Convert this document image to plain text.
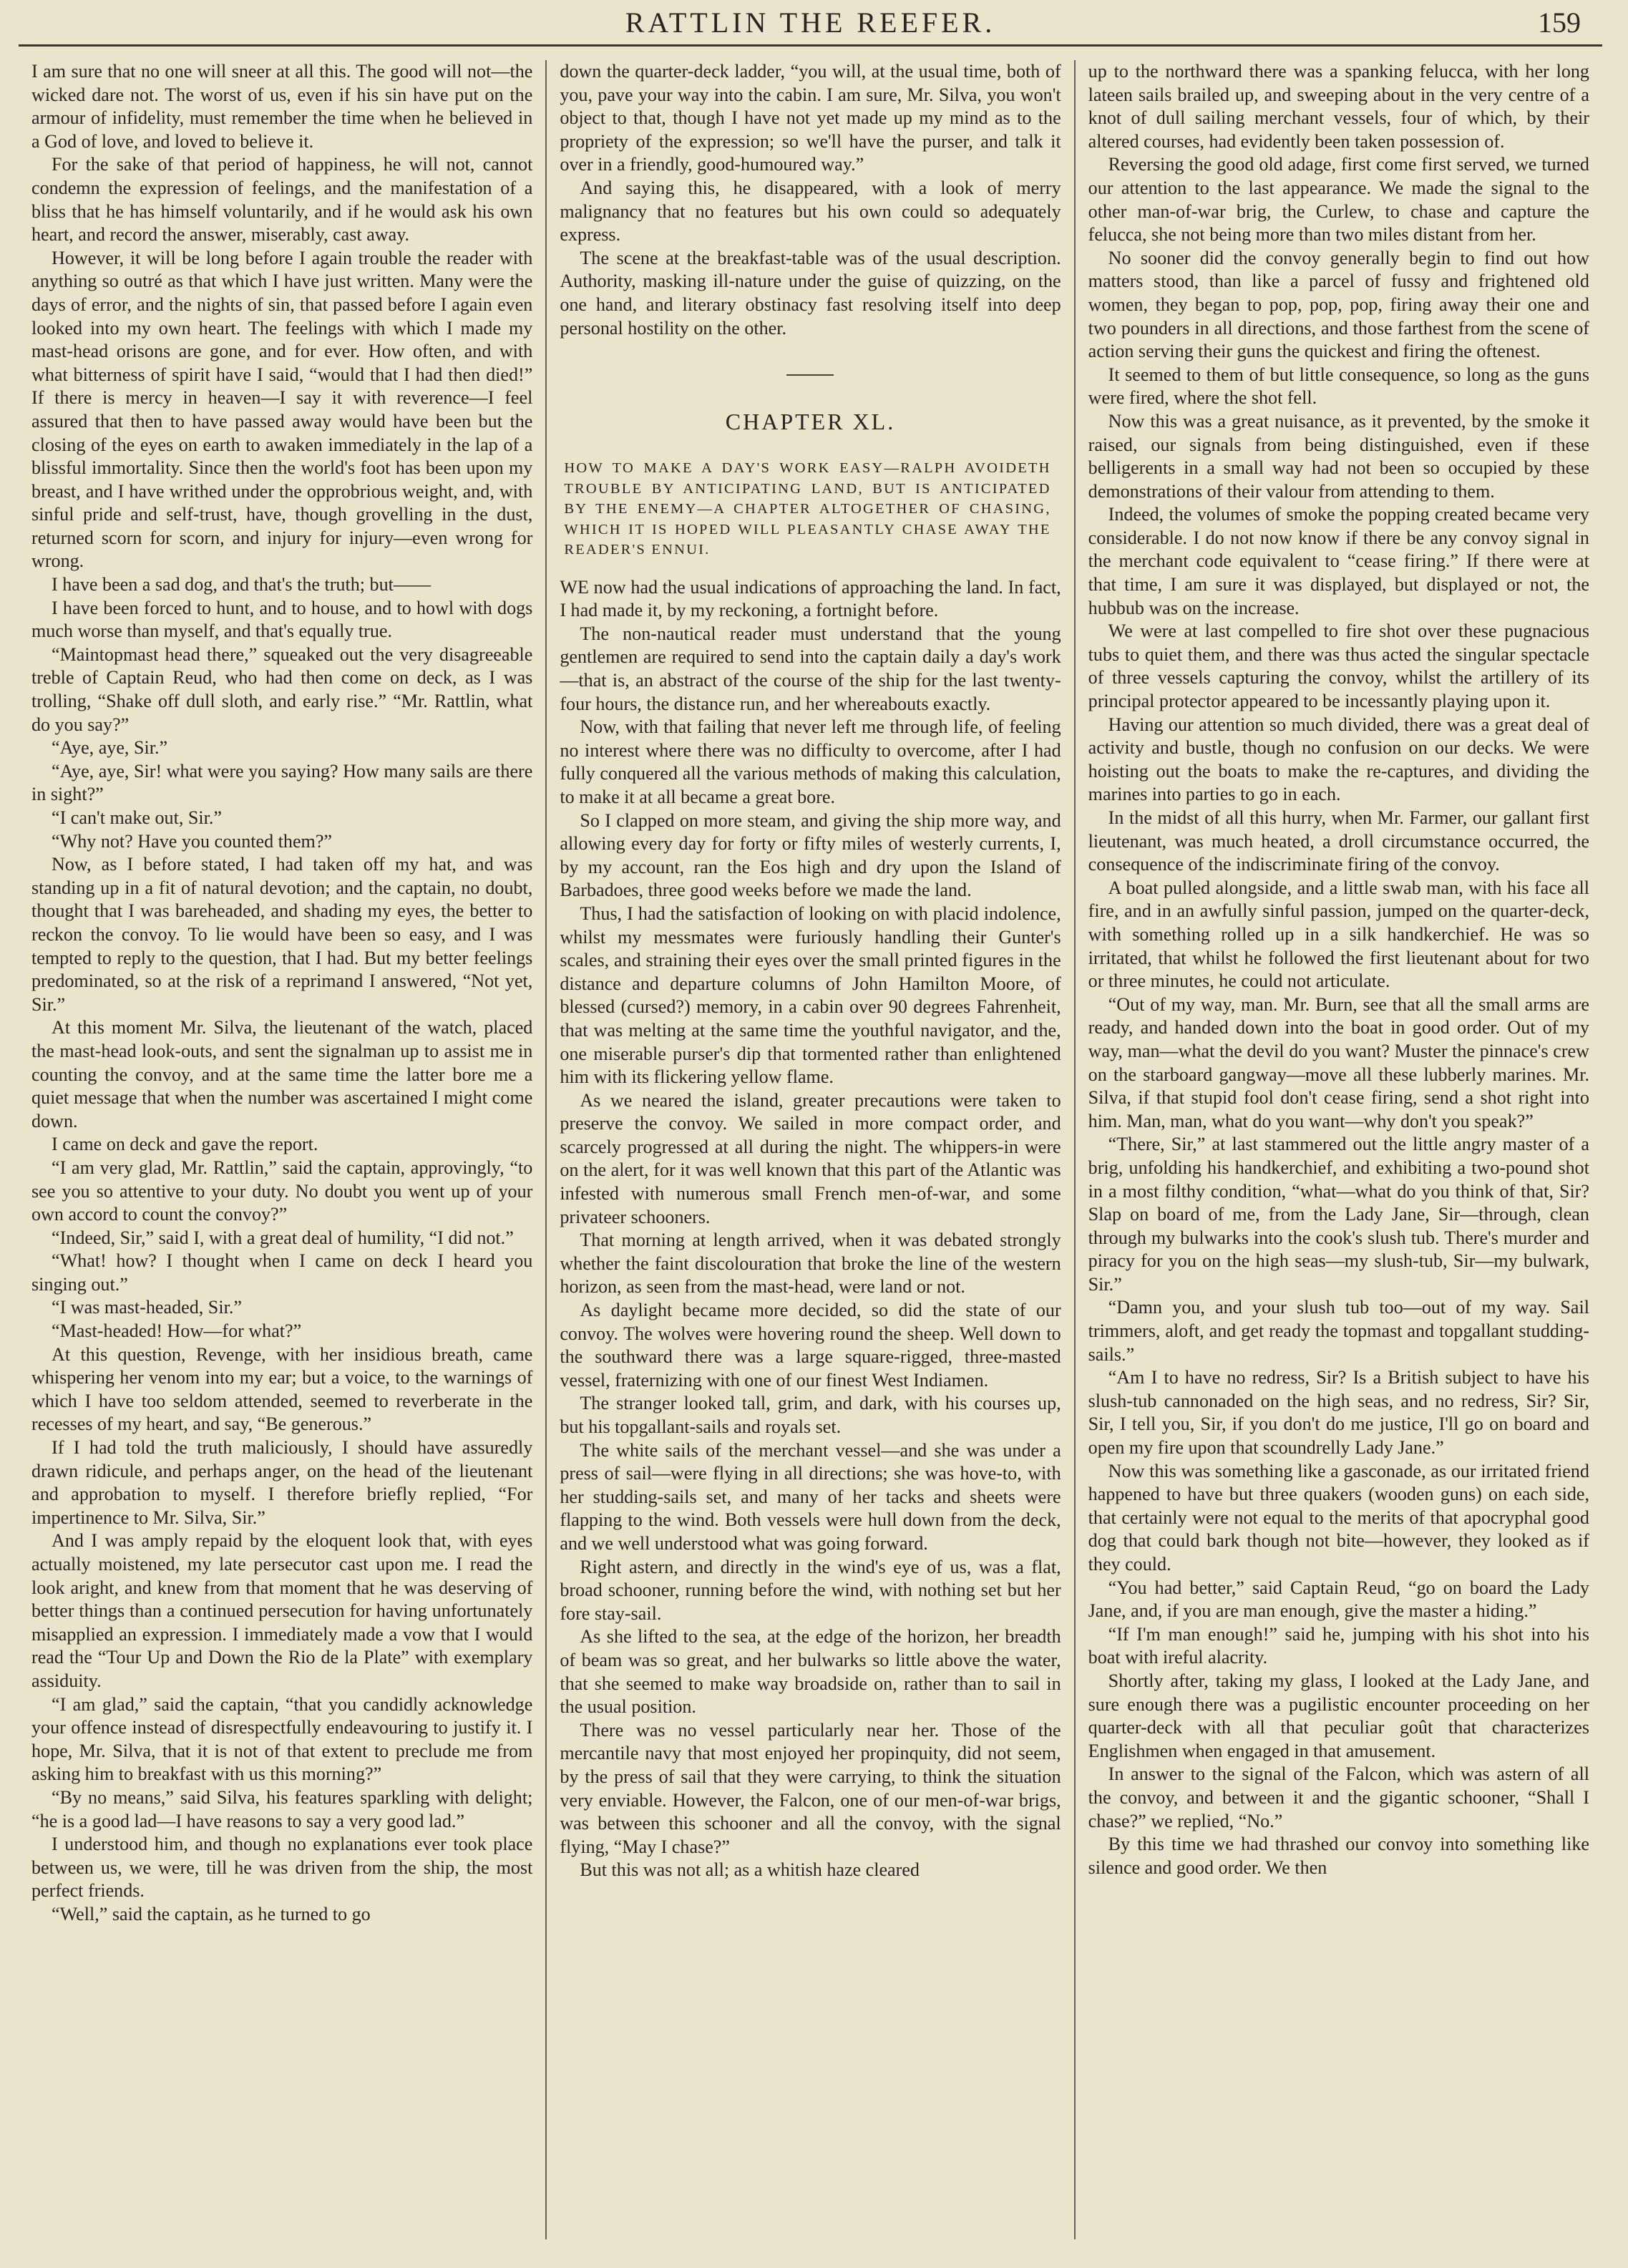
RATTLIN THE REEFER.	159

I am sure that no one will sneer at all this. The good will not—the wicked dare not. The worst of us, even if his sin have put on the armour of infidelity, must remember the time when he believed in a God of love, and loved to believe it.

For the sake of that period of happiness, he will not, cannot condemn the expression of feelings, and the manifestation of a bliss that he has himself voluntarily, and if he would ask his own heart, and record the answer, miserably, cast away.

However, it will be long before I again trouble the reader with anything so outré as that which I have just written. Many were the days of error, and the nights of sin, that passed before I again even looked into my own heart. The feelings with which I made my mast-head orisons are gone, and for ever. How often, and with what bitterness of spirit have I said, “would that I had then died!” If there is mercy in heaven—I say it with reverence—I feel assured that then to have passed away would have been but the closing of the eyes on earth to awaken immediately in the lap of a blissful immortality. Since then the world's foot has been upon my breast, and I have writhed under the opprobrious weight, and, with sinful pride and self-trust, have, though grovelling in the dust, returned scorn for scorn, and injury for injury—even wrong for wrong.

I have been a sad dog, and that's the truth; but——

I have been forced to hunt, and to house, and to howl with dogs much worse than myself, and that's equally true.

“Maintopmast head there,” squeaked out the very disagreeable treble of Captain Reud, who had then come on deck, as I was trolling, “Shake off dull sloth, and early rise.” “Mr. Rattlin, what do you say?”

“Aye, aye, Sir.”

“Aye, aye, Sir! what were you saying? How many sails are there in sight?”

“I can't make out, Sir.”

“Why not? Have you counted them?”

Now, as I before stated, I had taken off my hat, and was standing up in a fit of natural devotion; and the captain, no doubt, thought that I was bareheaded, and shading my eyes, the better to reckon the convoy. To lie would have been so easy, and I was tempted to reply to the question, that I had. But my better feelings predominated, so at the risk of a reprimand I answered, “Not yet, Sir.”

At this moment Mr. Silva, the lieutenant of the watch, placed the mast-head look-outs, and sent the signalman up to assist me in counting the convoy, and at the same time the latter bore me a quiet message that when the number was ascertained I might come down.

I came on deck and gave the report.

“I am very glad, Mr. Rattlin,” said the captain, approvingly, “to see you so attentive to your duty. No doubt you went up of your own accord to count the convoy?”

“Indeed, Sir,” said I, with a great deal of humility, “I did not.”

“What! how? I thought when I came on deck I heard you singing out.”

“I was mast-headed, Sir.”

“Mast-headed! How—for what?”

At this question, Revenge, with her insidious breath, came whispering her venom into my ear; but a voice, to the warnings of which I have too seldom attended, seemed to reverberate in the recesses of my heart, and say, “Be generous.”

If I had told the truth maliciously, I should have assuredly drawn ridicule, and perhaps anger, on the head of the lieutenant and approbation to myself. I therefore briefly replied, “For impertinence to Mr. Silva, Sir.”

And I was amply repaid by the eloquent look that, with eyes actually moistened, my late persecutor cast upon me. I read the look aright, and knew from that moment that he was deserving of better things than a continued persecution for having unfortunately misapplied an expression. I immediately made a vow that I would read the “Tour Up and Down the Rio de la Plate” with exemplary assiduity.

“I am glad,” said the captain, “that you candidly acknowledge your offence instead of disrespectfully endeavouring to justify it. I hope, Mr. Silva, that it is not of that extent to preclude me from asking him to breakfast with us this morning?”

“By no means,” said Silva, his features sparkling with delight; “he is a good lad—I have reasons to say a very good lad.”

I understood him, and though no explanations ever took place between us, we were, till he was driven from the ship, the most perfect friends.

“Well,” said the captain, as he turned to go

down the quarter-deck ladder, “you will, at the usual time, both of you, pave your way into the cabin. I am sure, Mr. Silva, you won't object to that, though I have not yet made up my mind as to the propriety of the expression; so we'll have the purser, and talk it over in a friendly, good-humoured way.”

And saying this, he disappeared, with a look of merry malignancy that no features but his own could so adequately express.

The scene at the breakfast-table was of the usual description. Authority, masking ill-nature under the guise of quizzing, on the one hand, and literary obstinacy fast resolving itself into deep personal hostility on the other.

CHAPTER XL.
HOW TO MAKE A DAY'S WORK EASY—RALPH AVOIDETH TROUBLE BY ANTICIPATING LAND, BUT IS ANTICIPATED BY THE ENEMY—A CHAPTER ALTOGETHER OF CHASING, WHICH IT IS HOPED WILL PLEASANTLY CHASE AWAY THE READER'S ENNUI.

WE now had the usual indications of approaching the land. In fact, I had made it, by my reckoning, a fortnight before.

The non-nautical reader must understand that the young gentlemen are required to send into the captain daily a day's work—that is, an abstract of the course of the ship for the last twenty-four hours, the distance run, and her whereabouts exactly.

Now, with that failing that never left me through life, of feeling no interest where there was no difficulty to overcome, after I had fully conquered all the various methods of making this calculation, to make it at all became a great bore.

So I clapped on more steam, and giving the ship more way, and allowing every day for forty or fifty miles of westerly currents, I, by my account, ran the Eos high and dry upon the Island of Barbadoes, three good weeks before we made the land.

Thus, I had the satisfaction of looking on with placid indolence, whilst my messmates were furiously handling their Gunter's scales, and straining their eyes over the small printed figures in the distance and departure columns of John Hamilton Moore, of blessed (cursed?) memory, in a cabin over 90 degrees Fahrenheit, that was melting at the same time the youthful navigator, and the, one miserable purser's dip that tormented rather than enlightened him with its flickering yellow flame.

As we neared the island, greater precautions were taken to preserve the convoy. We sailed in more compact order, and scarcely progressed at all during the night. The whippers-in were on the alert, for it was well known that this part of the Atlantic was infested with numerous small French men-of-war, and some privateer schooners.

That morning at length arrived, when it was debated strongly whether the faint discolouration that broke the line of the western horizon, as seen from the mast-head, were land or not.

As daylight became more decided, so did the state of our convoy. The wolves were hovering round the sheep. Well down to the southward there was a large square-rigged, three-masted vessel, fraternizing with one of our finest West Indiamen.

The stranger looked tall, grim, and dark, with his courses up, but his topgallant-sails and royals set.

The white sails of the merchant vessel—and she was under a press of sail—were flying in all directions; she was hove-to, with her studding-sails set, and many of her tacks and sheets were flapping to the wind. Both vessels were hull down from the deck, and we well understood what was going forward.

Right astern, and directly in the wind's eye of us, was a flat, broad schooner, running before the wind, with nothing set but her fore stay-sail.

As she lifted to the sea, at the edge of the horizon, her breadth of beam was so great, and her bulwarks so little above the water, that she seemed to make way broadside on, rather than to sail in the usual position.

There was no vessel particularly near her. Those of the mercantile navy that most enjoyed her propinquity, did not seem, by the press of sail that they were carrying, to think the situation very enviable. However, the Falcon, one of our men-of-war brigs, was between this schooner and all the convoy, with the signal flying, “May I chase?”

But this was not all; as a whitish haze cleared

up to the northward there was a spanking felucca, with her long lateen sails brailed up, and sweeping about in the very centre of a knot of dull sailing merchant vessels, four of which, by their altered courses, had evidently been taken possession of.

Reversing the good old adage, first come first served, we turned our attention to the last appearance. We made the signal to the other man-of-war brig, the Curlew, to chase and capture the felucca, she not being more than two miles distant from her.

No sooner did the convoy generally begin to find out how matters stood, than like a parcel of fussy and frightened old women, they began to pop, pop, pop, firing away their one and two pounders in all directions, and those farthest from the scene of action serving their guns the quickest and firing the oftenest.

It seemed to them of but little consequence, so long as the guns were fired, where the shot fell.

Now this was a great nuisance, as it prevented, by the smoke it raised, our signals from being distinguished, even if these belligerents in a small way had not been so occupied by these demonstrations of their valour from attending to them.

Indeed, the volumes of smoke the popping created became very considerable. I do not now know if there be any convoy signal in the merchant code equivalent to “cease firing.” If there were at that time, I am sure it was displayed, but displayed or not, the hubbub was on the increase.

We were at last compelled to fire shot over these pugnacious tubs to quiet them, and there was thus acted the singular spectacle of three vessels capturing the convoy, whilst the artillery of its principal protector appeared to be incessantly playing upon it.

Having our attention so much divided, there was a great deal of activity and bustle, though no confusion on our decks. We were hoisting out the boats to make the re-captures, and dividing the marines into parties to go in each.

In the midst of all this hurry, when Mr. Farmer, our gallant first lieutenant, was much heated, a droll circumstance occurred, the consequence of the indiscriminate firing of the convoy.

A boat pulled alongside, and a little swab man, with his face all fire, and in an awfully sinful passion, jumped on the quarter-deck, with something rolled up in a silk handkerchief. He was so irritated, that whilst he followed the first lieutenant about for two or three minutes, he could not articulate.

“Out of my way, man. Mr. Burn, see that all the small arms are ready, and handed down into the boat in good order. Out of my way, man—what the devil do you want? Muster the pinnace's crew on the starboard gangway—move all these lubberly marines. Mr. Silva, if that stupid fool don't cease firing, send a shot right into him. Man, man, what do you want—why don't you speak?”

“There, Sir,” at last stammered out the little angry master of a brig, unfolding his handkerchief, and exhibiting a two-pound shot in a most filthy condition, “what—what do you think of that, Sir? Slap on board of me, from the Lady Jane, Sir—through, clean through my bulwarks into the cook's slush tub. There's murder and piracy for you on the high seas—my slush-tub, Sir—my bulwark, Sir.”

“Damn you, and your slush tub too—out of my way. Sail trimmers, aloft, and get ready the topmast and topgallant studding-sails.”

“Am I to have no redress, Sir? Is a British subject to have his slush-tub cannonaded on the high seas, and no redress, Sir? Sir, Sir, I tell you, Sir, if you don't do me justice, I'll go on board and open my fire upon that scoundrelly Lady Jane.”

Now this was something like a gasconade, as our irritated friend happened to have but three quakers (wooden guns) on each side, that certainly were not equal to the merits of that apocryphal good dog that could bark though not bite—however, they looked as if they could.

“You had better,” said Captain Reud, “go on board the Lady Jane, and, if you are man enough, give the master a hiding.”

“If I'm man enough!” said he, jumping with his shot into his boat with ireful alacrity.

Shortly after, taking my glass, I looked at the Lady Jane, and sure enough there was a pugilistic encounter proceeding on her quarter-deck with all that peculiar goût that characterizes Englishmen when engaged in that amusement.

In answer to the signal of the Falcon, which was astern of all the convoy, and between it and the gigantic schooner, “Shall I chase?” we replied, “No.”

By this time we had thrashed our convoy into something like silence and good order. We then
